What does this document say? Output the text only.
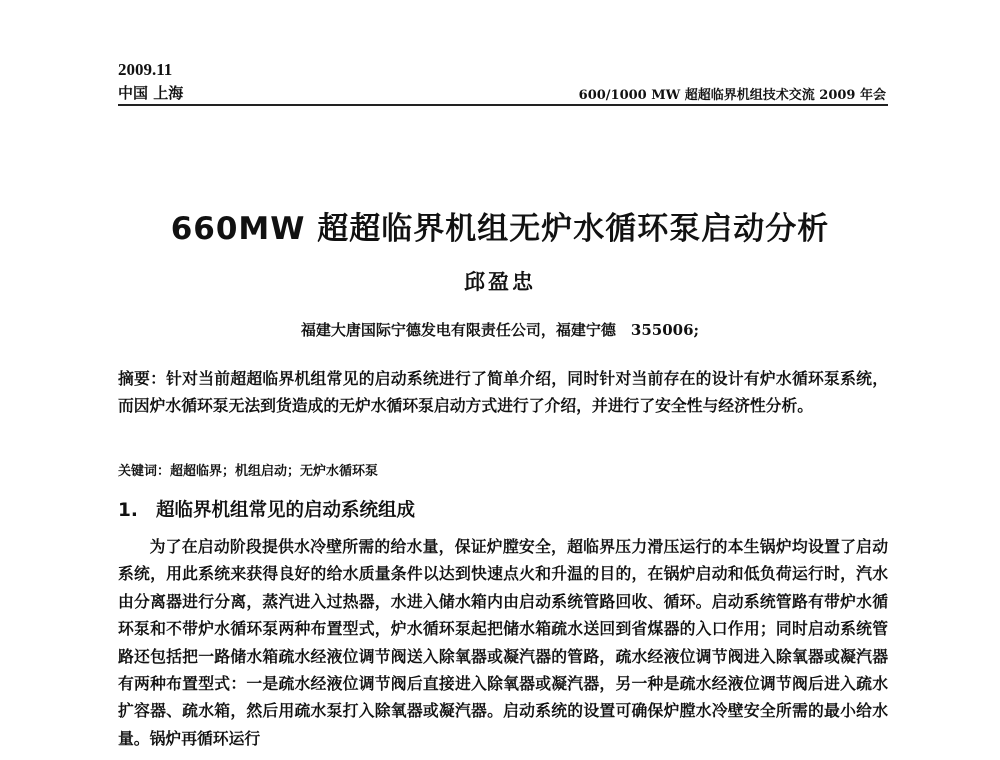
2009.11
中国 上海	600/1000 MW 超超临界机组技术交流 2009 年会
660MW 超超临界机组无炉水循环泵启动分析
邱盈忠
福建大唐国际宁德发电有限责任公司，福建宁德　355006;

摘要：针对当前超超临界机组常见的启动系统进行了简单介绍，同时针对当前存在的设计有炉水循环泵系统，而因炉水循环泵无法到货造成的无炉水循环泵启动方式进行了介绍，并进行了安全性与经济性分析。

关键词：超超临界；机组启动；无炉水循环泵
1. 超临界机组常见的启动系统组成

为了在启动阶段提供水冷壁所需的给水量，保证炉膛安全，超临界压力滑压运行的本生锅炉均设置了启动系统，用此系统来获得良好的给水质量条件以达到快速点火和升温的目的，在锅炉启动和低负荷运行时，汽水由分离器进行分离，蒸汽进入过热器，水进入储水箱内由启动系统管路回收、循环。启动系统管路有带炉水循环泵和不带炉水循环泵两种布置型式，炉水循环泵起把储水箱疏水送回到省煤器的入口作用；同时启动系统管路还包括把一路储水箱疏水经液位调节阀送入除氧器或凝汽器的管路，疏水经液位调节阀进入除氧器或凝汽器有两种布置型式：一是疏水经液位调节阀后直接进入除氧器或凝汽器，另一种是疏水经液位调节阀后进入疏水扩容器、疏水箱，然后用疏水泵打入除氧器或凝汽器。启动系统的设置可确保炉膛水冷壁安全所需的最小给水量。锅炉再循环运行
